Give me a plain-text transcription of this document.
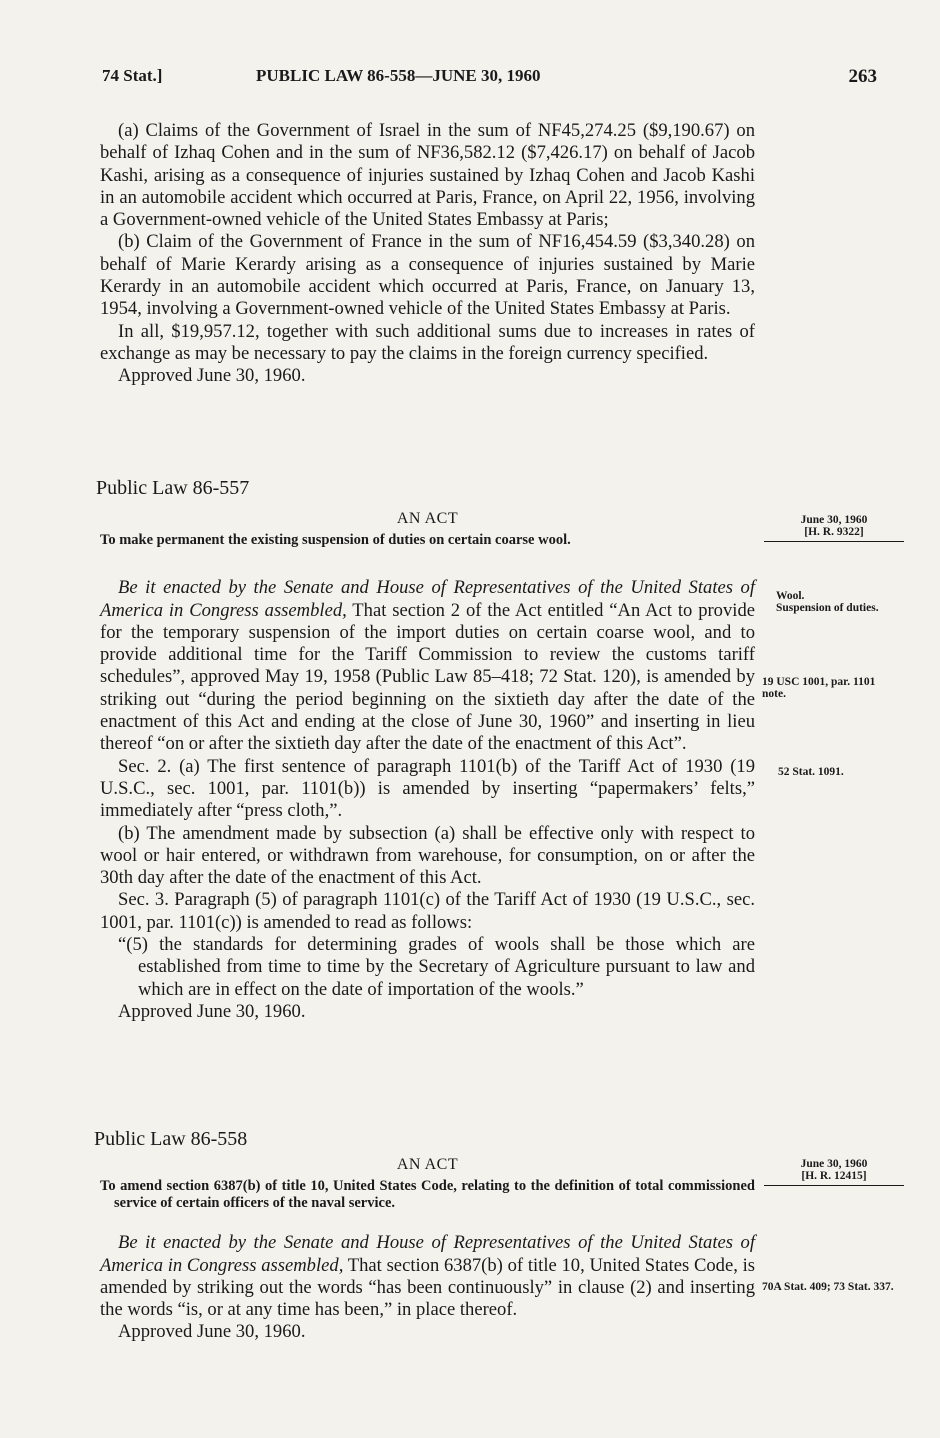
74 Stat.]	PUBLIC LAW 86-558—JUNE 30, 1960	263

(a) Claims of the Government of Israel in the sum of NF45,274.25 ($9,190.67) on behalf of Izhaq Cohen and in the sum of NF36,582.12 ($7,426.17) on behalf of Jacob Kashi, arising as a consequence of injuries sustained by Izhaq Cohen and Jacob Kashi in an automobile accident which occurred at Paris, France, on April 22, 1956, involving a Government-owned vehicle of the United States Embassy at Paris;

(b) Claim of the Government of France in the sum of NF16,454.59 ($3,340.28) on behalf of Marie Kerardy arising as a consequence of injuries sustained by Marie Kerardy in an automobile accident which occurred at Paris, France, on January 13, 1954, involving a Government-owned vehicle of the United States Embassy at Paris.

In all, $19,957.12, together with such additional sums due to increases in rates of exchange as may be necessary to pay the claims in the foreign currency specified.

Approved June 30, 1960.

Public Law 86-557
AN ACT
To make permanent the existing suspension of duties on certain coarse wool.

Be it enacted by the Senate and House of Representatives of the United States of America in Congress assembled, That section 2 of the Act entitled “An Act to provide for the temporary suspension of the import duties on certain coarse wool, and to provide additional time for the Tariff Commission to review the customs tariff schedules”, approved May 19, 1958 (Public Law 85–418; 72 Stat. 120), is amended by striking out “during the period beginning on the sixtieth day after the date of the enactment of this Act and ending at the close of June 30, 1960” and inserting in lieu thereof “on or after the sixtieth day after the date of the enactment of this Act”.

Sec. 2. (a) The first sentence of paragraph 1101(b) of the Tariff Act of 1930 (19 U.S.C., sec. 1001, par. 1101(b)) is amended by inserting “papermakers’ felts,” immediately after “press cloth,”.

(b) The amendment made by subsection (a) shall be effective only with respect to wool or hair entered, or withdrawn from warehouse, for consumption, on or after the 30th day after the date of the enactment of this Act.

Sec. 3. Paragraph (5) of paragraph 1101(c) of the Tariff Act of 1930 (19 U.S.C., sec. 1001, par. 1101(c)) is amended to read as follows:

“(5) the standards for determining grades of wools shall be those which are established from time to time by the Secretary of Agriculture pursuant to law and which are in effect on the date of importation of the wools.”

Approved June 30, 1960.

June 30, 1960
[H. R. 9322]
Wool.
Suspension of duties.
19 USC 1001, par. 1101 note.
52 Stat. 1091.
Public Law 86-558
AN ACT
To amend section 6387(b) of title 10, United States Code, relating to the definition of total commissioned service of certain officers of the naval service.

Be it enacted by the Senate and House of Representatives of the United States of America in Congress assembled, That section 6387(b) of title 10, United States Code, is amended by striking out the words “has been continuously” in clause (2) and inserting the words “is, or at any time has been,” in place thereof.

Approved June 30, 1960.

June 30, 1960
[H. R. 12415]
70A Stat. 409; 73 Stat. 337.
